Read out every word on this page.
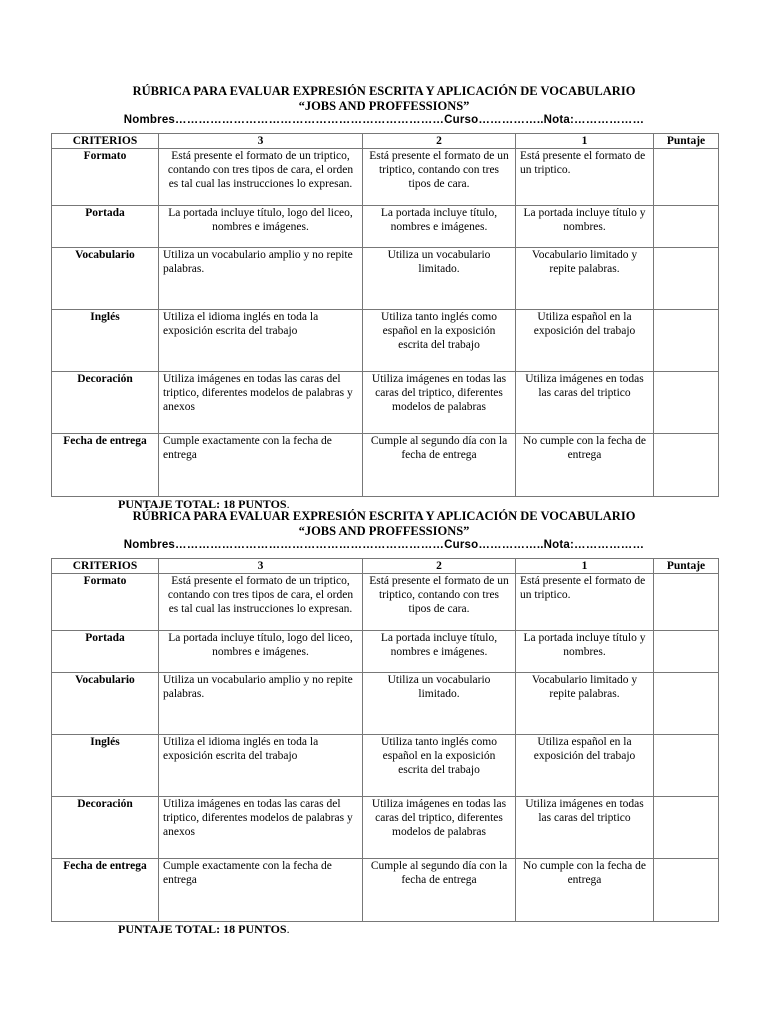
RÚBRICA PARA EVALUAR EXPRESIÓN ESCRITA Y APLICACIÓN DE VOCABULARIO
“JOBS AND PROFFESSIONS”
Nombres……………………………………………………………Curso……………..Nota:………………
CRITERIOS	3	2	1	Puntaje
Formato	Está presente el formato de un triptico, contando con tres tipos de cara, el orden es tal cual las instrucciones lo expresan.	Está presente el formato de un triptico, contando con tres tipos de cara.	Está presente el formato de un triptico.	
Portada	La portada incluye título, logo del liceo, nombres e imágenes.	La portada incluye título, nombres e imágenes.	La portada incluye título y nombres.	
Vocabulario	Utiliza un vocabulario amplio y no repite palabras.	Utiliza un vocabulario limitado.	Vocabulario limitado y repite palabras.	
Inglés	Utiliza el idioma inglés en toda la exposición escrita del trabajo	Utiliza tanto inglés como español en la exposición escrita del trabajo	Utiliza español en la exposición del trabajo	
Decoración	Utiliza imágenes en todas las caras del triptico, diferentes modelos de palabras y anexos	Utiliza imágenes en todas las caras del triptico, diferentes modelos de palabras	Utiliza imágenes en todas las caras del triptico	
Fecha de entrega	Cumple exactamente con la fecha de entrega	Cumple al segundo día con la fecha de entrega	No cumple con la fecha de entrega	
PUNTAJE TOTAL: 18 PUNTOS.
RÚBRICA PARA EVALUAR EXPRESIÓN ESCRITA Y APLICACIÓN DE VOCABULARIO
“JOBS AND PROFFESSIONS”
Nombres……………………………………………………………Curso……………..Nota:………………
CRITERIOS	3	2	1	Puntaje
Formato	Está presente el formato de un triptico, contando con tres tipos de cara, el orden es tal cual las instrucciones lo expresan.	Está presente el formato de un triptico, contando con tres tipos de cara.	Está presente el formato de un triptico.	
Portada	La portada incluye título, logo del liceo, nombres e imágenes.	La portada incluye título, nombres e imágenes.	La portada incluye título y nombres.	
Vocabulario	Utiliza un vocabulario amplio y no repite palabras.	Utiliza un vocabulario limitado.	Vocabulario limitado y repite palabras.	
Inglés	Utiliza el idioma inglés en toda la exposición escrita del trabajo	Utiliza tanto inglés como español en la exposición escrita del trabajo	Utiliza español en la exposición del trabajo	
Decoración	Utiliza imágenes en todas las caras del triptico, diferentes modelos de palabras y anexos	Utiliza imágenes en todas las caras del triptico, diferentes modelos de palabras	Utiliza imágenes en todas las caras del triptico	
Fecha de entrega	Cumple exactamente con la fecha de entrega	Cumple al segundo día con la fecha de entrega	No cumple con la fecha de entrega	
PUNTAJE TOTAL: 18 PUNTOS.
